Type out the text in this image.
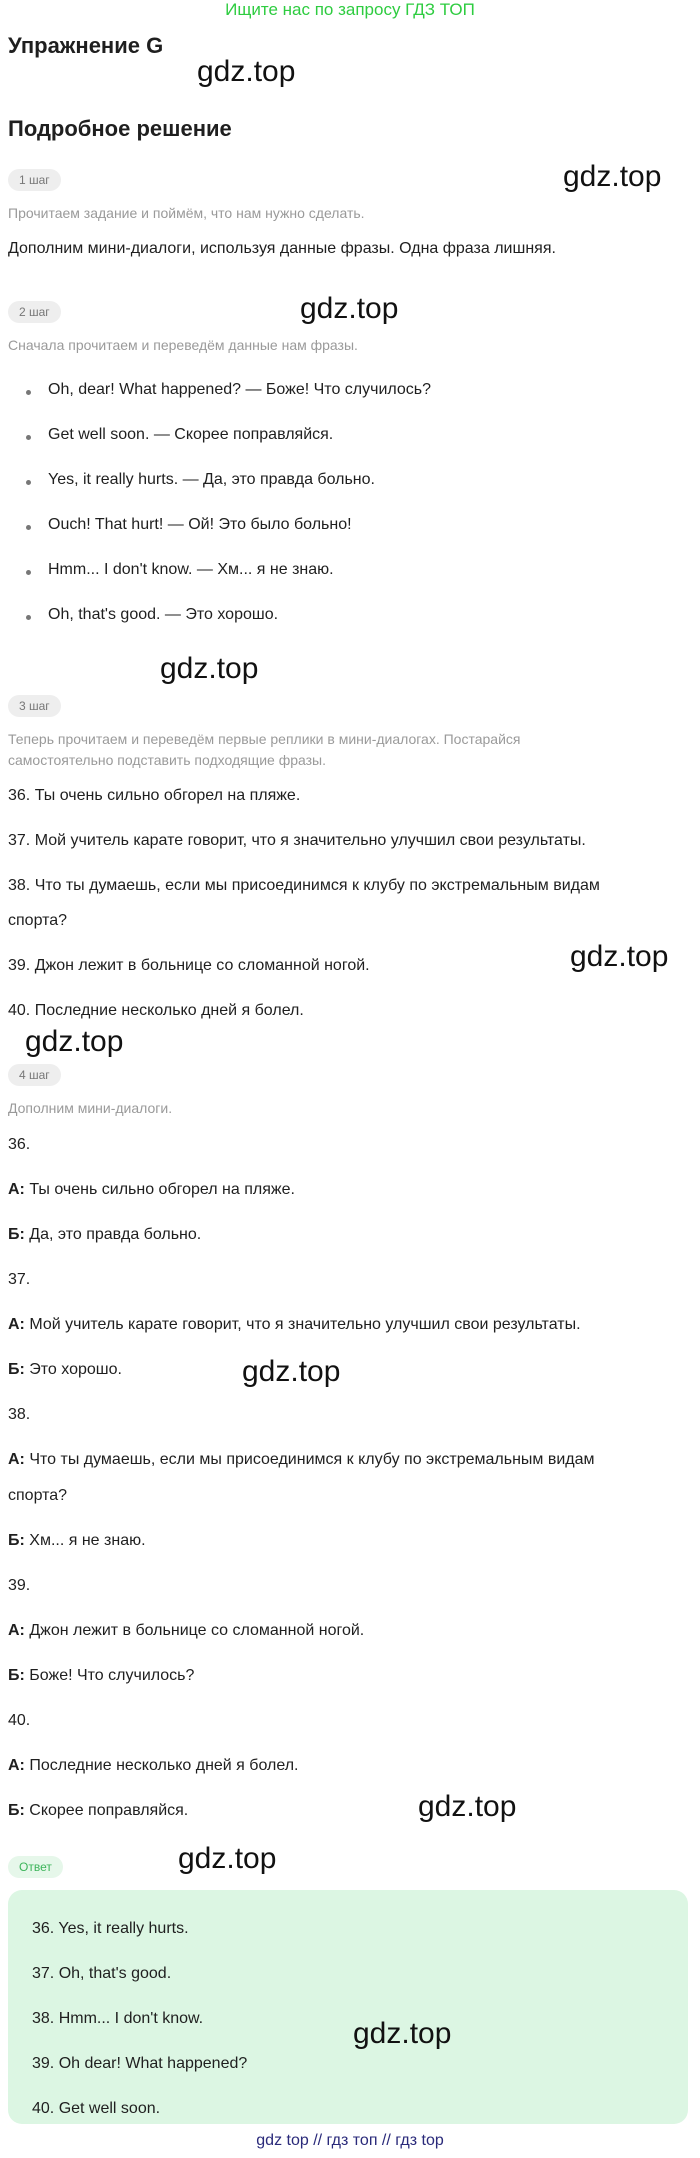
Ищите нас по запросу ГДЗ ТОП
Упражнение G
gdz.top
Подробное решение
1 шаг	gdz.top
Прочитаем задание и поймём, что нам нужно сделать.
Дополним мини-диалоги, используя данные фразы. Одна фраза лишняя.
2 шаг	gdz.top
Сначала прочитаем и переведём данные нам фразы.
Oh, dear! What happened? — Боже! Что случилось?
Get well soon. — Скорее поправляйся.
Yes, it really hurts. — Да, это правда больно.
Ouch! That hurt! — Ой! Это было больно!
Hmm... I don't know. — Хм... я не знаю.
Oh, that's good. — Это хорошо.
gdz.top
3 шаг
Теперь прочитаем и переведём первые реплики в мини-диалогах. Постарайся
самостоятельно подставить подходящие фразы.
36. Ты очень сильно обгорел на пляже.
37. Мой учитель карате говорит, что я значительно улучшил свои результаты.
38. Что ты думаешь, если мы присоединимся к клубу по экстремальным видам
спорта?
gdz.top
39. Джон лежит в больнице со сломанной ногой.
40. Последние несколько дней я болел.
gdz.top
4 шаг
Дополним мини-диалоги.
36.
А: Ты очень сильно обгорел на пляже.
Б: Да, это правда больно.
37.
А: Мой учитель карате говорит, что я значительно улучшил свои результаты.
Б: Это хорошо.	gdz.top
38.
А: Что ты думаешь, если мы присоединимся к клубу по экстремальным видам
спорта?
Б: Хм... я не знаю.
39.
А: Джон лежит в больнице со сломанной ногой.
Б: Боже! Что случилось?
40.
А: Последние несколько дней я болел.
Б: Скорее поправляйся.	gdz.top
Ответ	gdz.top
36. Yes, it really hurts.
37. Oh, that's good.
38. Hmm... I don't know.	gdz.top
39. Oh dear! What happened?
40. Get well soon.
gdz top // гдз топ // гдз top
